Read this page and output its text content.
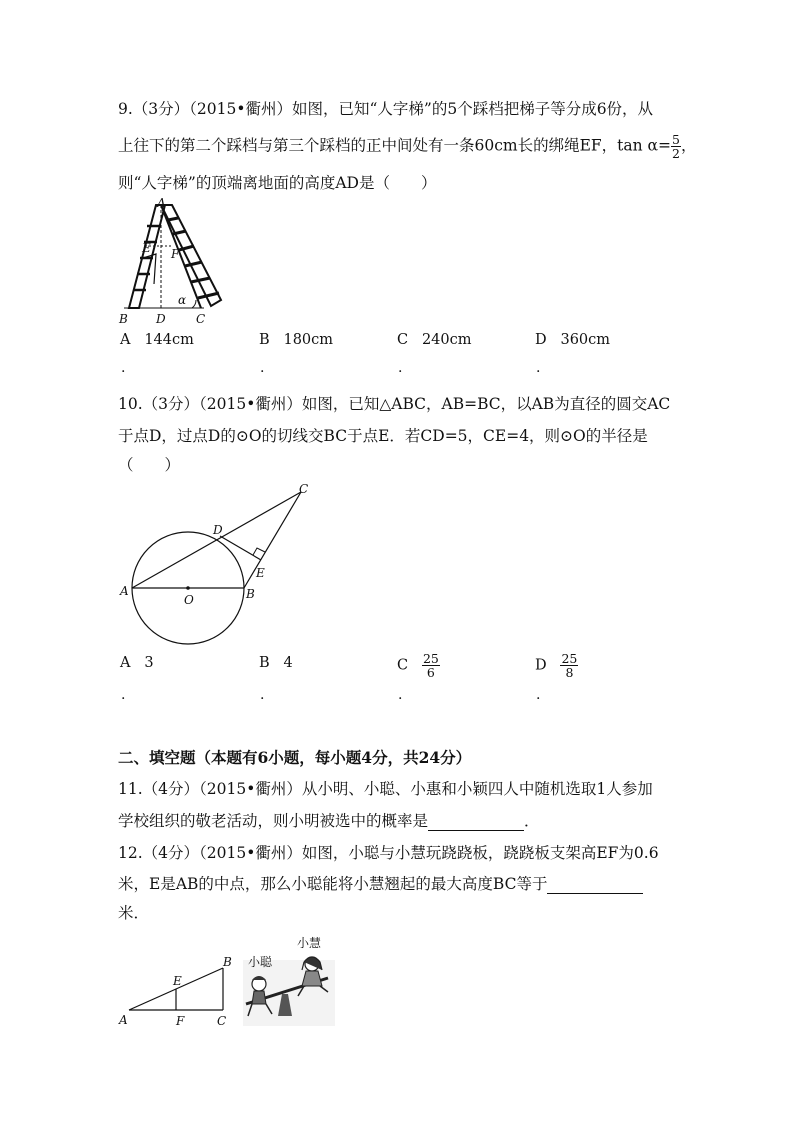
9.（3分）（2015•衢州）如图，已知“人字梯”的5个踩档把梯子等分成6份，从
上往下的第二个踩档与第三个踩档的正中间处有一条60cm长的绑绳EF，$\tan \alpha= \frac{5}{2}$ ，
则“人字梯”的顶端离地面的高度AD是（　　）
A
E F
α
B D	C
A 144cm	B 180cm	C 240cm	D 360cm
.	.	.	.
10.（3分）（2015•衢州）如图，已知△ABC，AB=BC，以AB为直径的圆交AC
于点D，过点D的⊙O的切线交BC于点E．若CD=5，CE=4，则⊙O的半径是
（　　）
C
D
E
A
O	B
A 3	B 4	C $\frac{25}{6}$	D $\frac{25}{8}$
.	.	.	.
二、填空题（本题有6小题，每小题4分，共24分）
11.（4分）（2015•衢州）从小明、小聪、小惠和小颖四人中随机选取1人参加
学校组织的敬老活动，则小明被选中的概率是	．
12.（4分）（2015•衢州）如图，小聪与小慧玩跷跷板，跷跷板支架高EF为0.6
米，E是AB的中点，那么小聪能将小慧翘起的最大高度BC等于
米．
B
E
A	F	C
小聪
小慧
